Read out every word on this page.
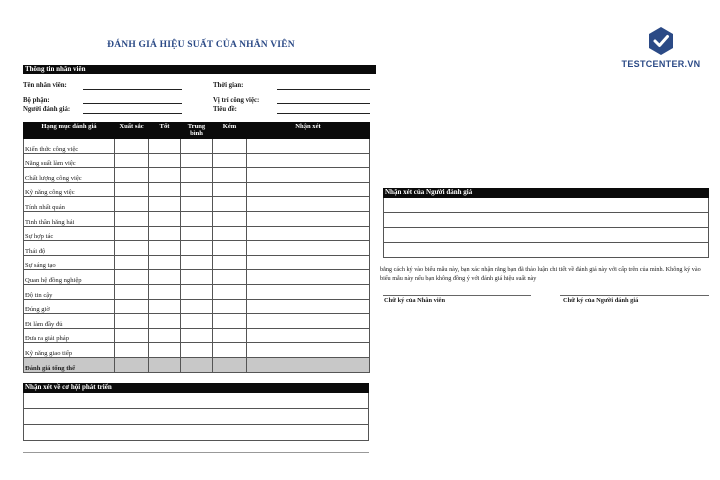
ĐÁNH GIÁ HIỆU SUẤT CỦA NHÂN VIÊN
TESTCENTER.VN
Thông tin nhân viên
Tên nhân viên:	Thời gian:
Bộ phận:	Vị trí công việc:
Người đánh giá:	Tiêu đề:
Hạng mục đánh giá	Xuất sắc	Tốt	Trung bình	Kém	Nhận xét
Kiến thức công việc					
Năng suất làm việc					
Chất lượng công việc					
Kỹ năng công việc					
Tính nhất quán					
Tinh thần hăng hái					
Sự hợp tác					
Thái độ					
Sự sáng tạo					
Quan hệ đồng nghiệp					
Độ tin cậy					
Đúng giờ					
Đi làm đầy đủ					
Đưa ra giải pháp					
Kỹ năng giao tiếp					
Đánh giá tổng thể					
Nhận xét về cơ hội phát triển
Nhận xét của Người đánh giá
bằng cách ký vào biểu mẫu này, bạn xác nhận rằng bạn đã thảo luận chi tiết về đánh giá này với cấp trên của mình. Không ký vào biểu mẫu này nếu bạn không đồng ý với đánh giá hiệu suất này
Chữ ký của Nhân viên	Chữ ký của Người đánh giá
